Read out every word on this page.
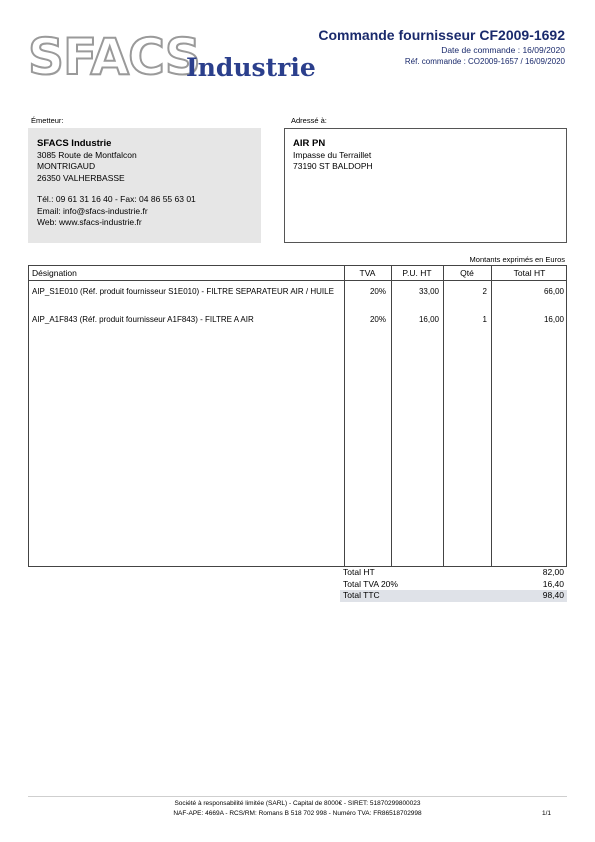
SFACS
Industrie
Commande fournisseur CF2009-1692
Date de commande : 16/09/2020
Réf. commande : CO2009-1657 / 16/09/2020
Émetteur:
SFACS Industrie
3085 Route de Montfalcon
MONTRIGAUD
26350 VALHERBASSE
Tél.: 09 61 31 16 40 - Fax: 04 86 55 63 01
Email: info@sfacs-industrie.fr
Web: www.sfacs-industrie.fr
Adressé à:
AIR PN
Impasse du Terraillet
73190 ST BALDOPH
Montants exprimés en Euros
Désignation	TVA	P.U. HT	Qté	Total HT
AIP_S1E010 (Réf. produit fournisseur S1E010) - FILTRE SEPARATEUR AIR / HUILE	20%	33,00	2	66,00
AIP_A1F843 (Réf. produit fournisseur A1F843) - FILTRE A AIR	20%	16,00	1	16,00
Total HT	82,00
Total TVA 20%	16,40
Total TTC	98,40
Société à responsabilité limitée (SARL) - Capital de 8000€ - SIRET: 51870299800023
NAF-APE: 4669A - RCS/RM: Romans B 518 702 998 - Numéro TVA: FR86518702998	1/1
